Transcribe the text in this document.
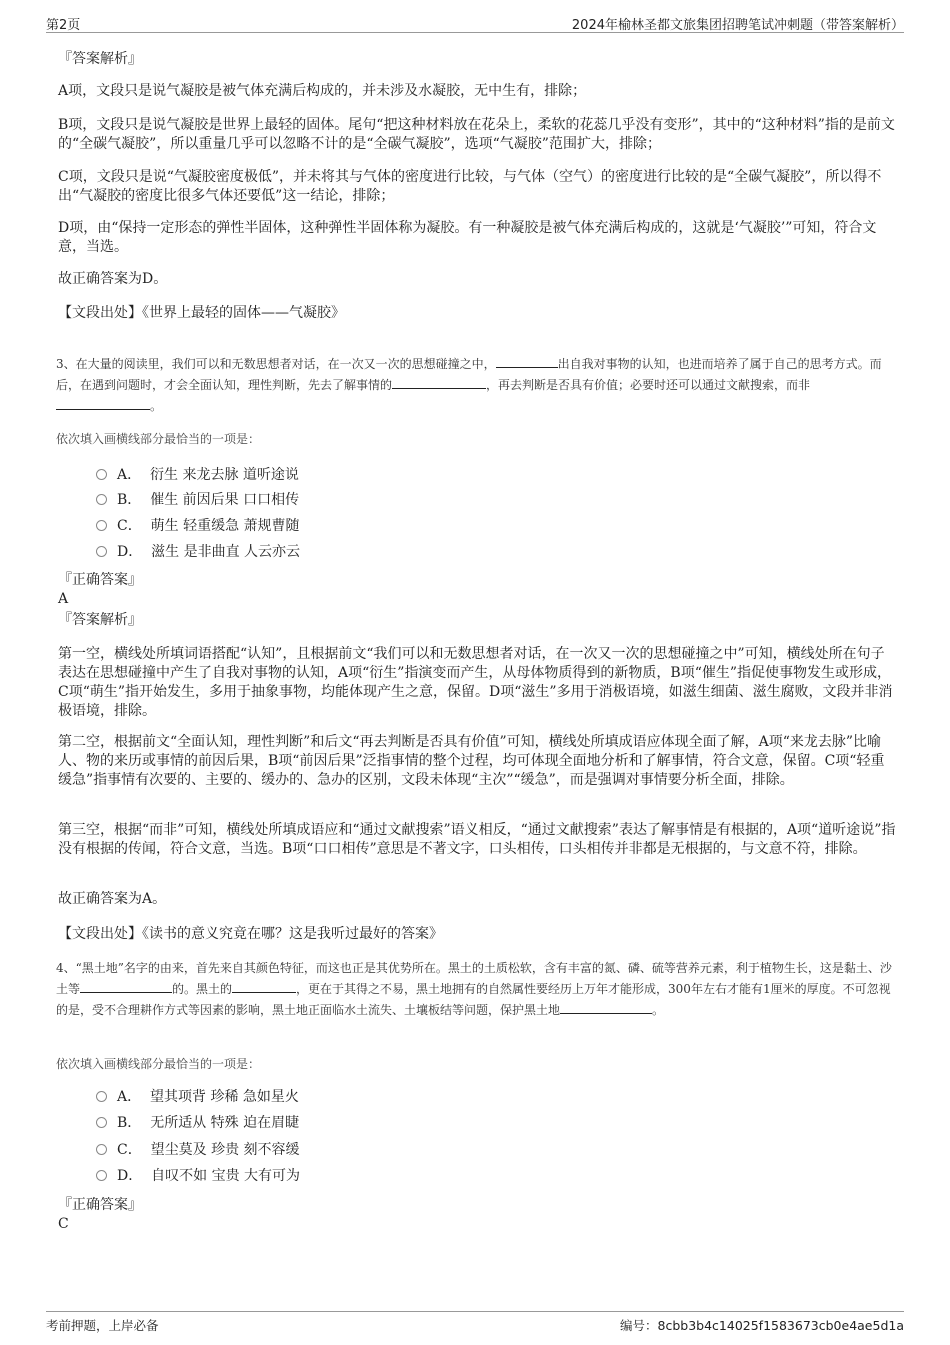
第2页	2024年榆林圣都文旅集团招聘笔试冲刺题（带答案解析）
『答案解析』
A项，文段只是说气凝胶是被气体充满后构成的，并未涉及水凝胶，无中生有，排除；
B项，文段只是说气凝胶是世界上最轻的固体。尾句“把这种材料放在花朵上，柔软的花蕊几乎没有变形”，其中的“这种材料”指的是前文的“全碳气凝胶”，所以重量几乎可以忽略不计的是“全碳气凝胶”，选项“气凝胶”范围扩大，排除；
C项，文段只是说“气凝胶密度极低”，并未将其与气体的密度进行比较，与气体（空气）的密度进行比较的是“全碳气凝胶”，所以得不出“气凝胶的密度比很多气体还要低”这一结论，排除；
D项，由“保持一定形态的弹性半固体，这种弹性半固体称为凝胶。有一种凝胶是被气体充满后构成的，这就是‘气凝胶’”可知，符合文意，当选。
故正确答案为D。
【文段出处】《世界上最轻的固体——气凝胶》
3、在大量的阅读里，我们可以和无数思想者对话，在一次又一次的思想碰撞之中，	出自我对事物的认知，也进而培养了属于自己的思考方式。而后，在遇到问题时，才会全面认知，理性判断，先去了解事情的	，再去判断是否具有价值；必要时还可以通过文献搜索，而非。
依次填入画横线部分最恰当的一项是：
A． 衍生 来龙去脉 道听途说
B． 催生 前因后果 口口相传
C． 萌生 轻重缓急 萧规曹随
D． 滋生 是非曲直 人云亦云
『正确答案』
A
『答案解析』
第一空，横线处所填词语搭配“认知”，且根据前文“我们可以和无数思想者对话，在一次又一次的思想碰撞之中”可知，横线处所在句子表达在思想碰撞中产生了自我对事物的认知，A项“衍生”指演变而产生，从母体物质得到的新物质，B项“催生”指促使事物发生或形成，C项“萌生”指开始发生，多用于抽象事物，均能体现产生之意，保留。D项“滋生”多用于消极语境，如滋生细菌、滋生腐败，文段并非消极语境，排除。
第二空，根据前文“全面认知，理性判断”和后文“再去判断是否具有价值”可知，横线处所填成语应体现全面了解，A项“来龙去脉”比喻人、物的来历或事情的前因后果，B项“前因后果”泛指事情的整个过程，均可体现全面地分析和了解事情，符合文意，保留。C项“轻重缓急”指事情有次要的、主要的、缓办的、急办的区别，文段未体现“主次”“缓急”，而是强调对事情要分析全面，排除。
第三空，根据“而非”可知，横线处所填成语应和“通过文献搜索”语义相反，“通过文献搜索”表达了解事情是有根据的，A项“道听途说”指没有根据的传闻，符合文意，当选。B项“口口相传”意思是不著文字，口头相传，口头相传并非都是无根据的，与文意不符，排除。
故正确答案为A。
【文段出处】《读书的意义究竟在哪？这是我听过最好的答案》
4、“黑土地”名字的由来，首先来自其颜色特征，而这也正是其优势所在。黑土的土质松软，含有丰富的氮、磷、硫等营养元素，利于植物生长，这是黏土、沙土等	的。黑土的	，更在于其得之不易，黑土地拥有的自然属性要经历上万年才能形成，300年左右才能有1厘米的厚度。不可忽视的是，受不合理耕作方式等因素的影响，黑土地正面临水土流失、土壤板结等问题，保护黑土地	。
依次填入画横线部分最恰当的一项是：
A． 望其项背 珍稀 急如星火
B． 无所适从 特殊 迫在眉睫
C． 望尘莫及 珍贵 刻不容缓
D． 自叹不如 宝贵 大有可为
『正确答案』
C
考前押题，上岸必备	编号：8cbb3b4c14025f1583673cb0e4ae5d1a
